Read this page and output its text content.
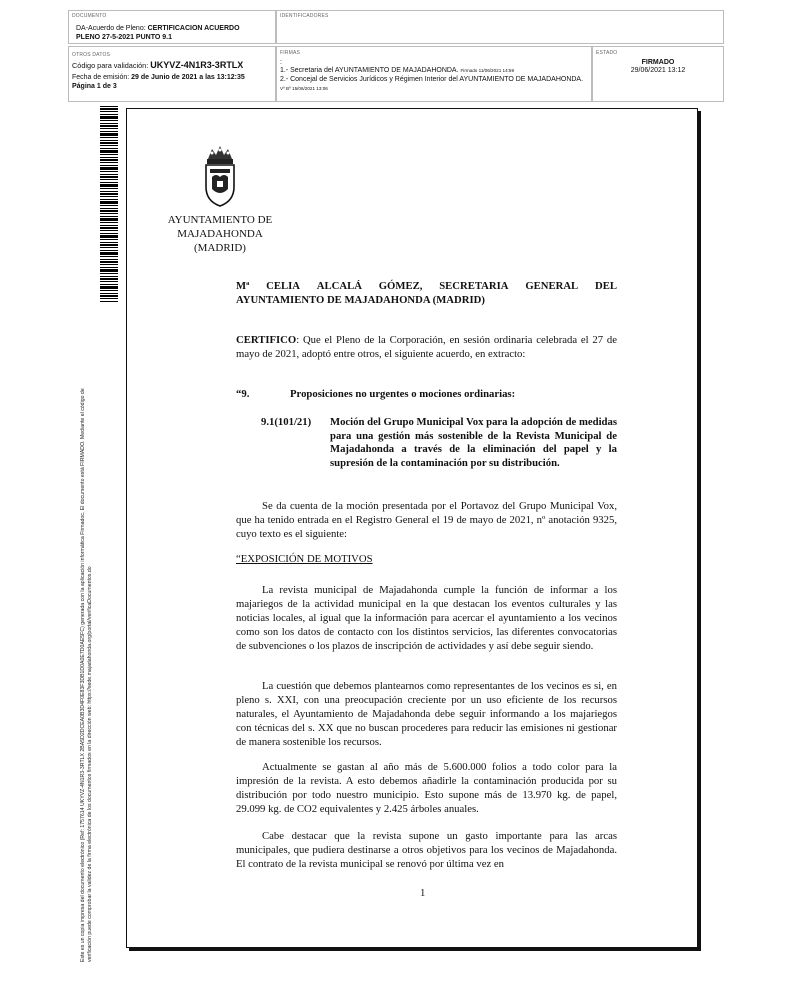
DOCUMENTO
DA-Acuerdo de Pleno: CERTIFICACION ACUERDO
PLENO 27-5-2021 PUNTO 9.1
IDENTIFICADORES
OTROS DATOS
Código para validación: UKYVZ-4N1R3-3RTLX
Fecha de emisión: 29 de Junio de 2021 a las 13:12:35
Página 1 de 3
FIRMAS
:
1.- Secretaria del AYUNTAMIENTO DE MAJADAHONDA. Firmado 11/06/2021 14:59
2.- Concejal de Servicios Jurídicos y Régimen Interior del AYUNTAMIENTO DE MAJADAHONDA.
Vº Bº 15/06/2021 13:06
ESTADO
FIRMADO
29/06/2021 13:12
Este es un copia impresa del documento electrónico (Ref: 1757614 UKYVZ-4N1R3-3RTLX 2BA5D2DCEA0B3D4F0E83F3DB1D0A0E7D0AE5FC) generada con la aplicación informática Firmadoc. El documento está FIRMADO. Mediante el código de verificación puede comprobar la validez de la firma electrónica de los documentos firmados en la dirección web: https://sede.majadahonda.org/portal/verificaDocumentos.do
AYUNTAMIENTO DE
MAJADAHONDA
(MADRID)
Mª CELIA ALCALÁ GÓMEZ, SECRETARIA GENERAL DEL
AYUNTAMIENTO DE MAJADAHONDA (MADRID)
CERTIFICO: Que el Pleno de la Corporación, en sesión ordinaria celebrada el 27 de mayo de 2021, adoptó entre otros, el siguiente acuerdo, en extracto:
“9.	Proposiciones no urgentes o mociones ordinarias:
9.1(101/21) Moción del Grupo Municipal Vox para la adopción de medidas para una gestión más sostenible de la Revista Municipal de Majadahonda a través de la eliminación del papel y la supresión de la contaminación por su distribución.
Se da cuenta de la moción presentada por el Portavoz del Grupo Municipal Vox, que ha tenido entrada en el Registro General el 19 de mayo de 2021, nº anotación 9325, cuyo texto es el siguiente:
“EXPOSICIÓN DE MOTIVOS
La revista municipal de Majadahonda cumple la función de informar a los majariegos de la actividad municipal en la que destacan los eventos culturales y las noticias locales, al igual que la información para acercar el ayuntamiento a los vecinos como son los datos de contacto con los distintos servicios, las diferentes convocatorias de subvenciones o los plazos de inscripción de actividades y así debe seguir siendo.
La cuestión que debemos plantearnos como representantes de los vecinos es si, en pleno s. XXI, con una preocupación creciente por un uso eficiente de los recursos naturales, el Ayuntamiento de Majadahonda debe seguir informando a los majariegos con técnicas del s. XX que no buscan procederes para reducir las emisiones ni gestionar de manera sostenible los recursos.
Actualmente se gastan al año más de 5.600.000 folios a todo color para la impresión de la revista. A esto debemos añadirle la contaminación producida por su distribución por todo nuestro municipio. Esto supone más de 13.970 kg. de papel, 29.099 kg. de CO2 equivalentes y 2.425 árboles anuales.
Cabe destacar que la revista supone un gasto importante para las arcas municipales, que pudiera destinarse a otros objetivos para los vecinos de Majadahonda. El contrato de la revista municipal se renovó por última vez en
1
